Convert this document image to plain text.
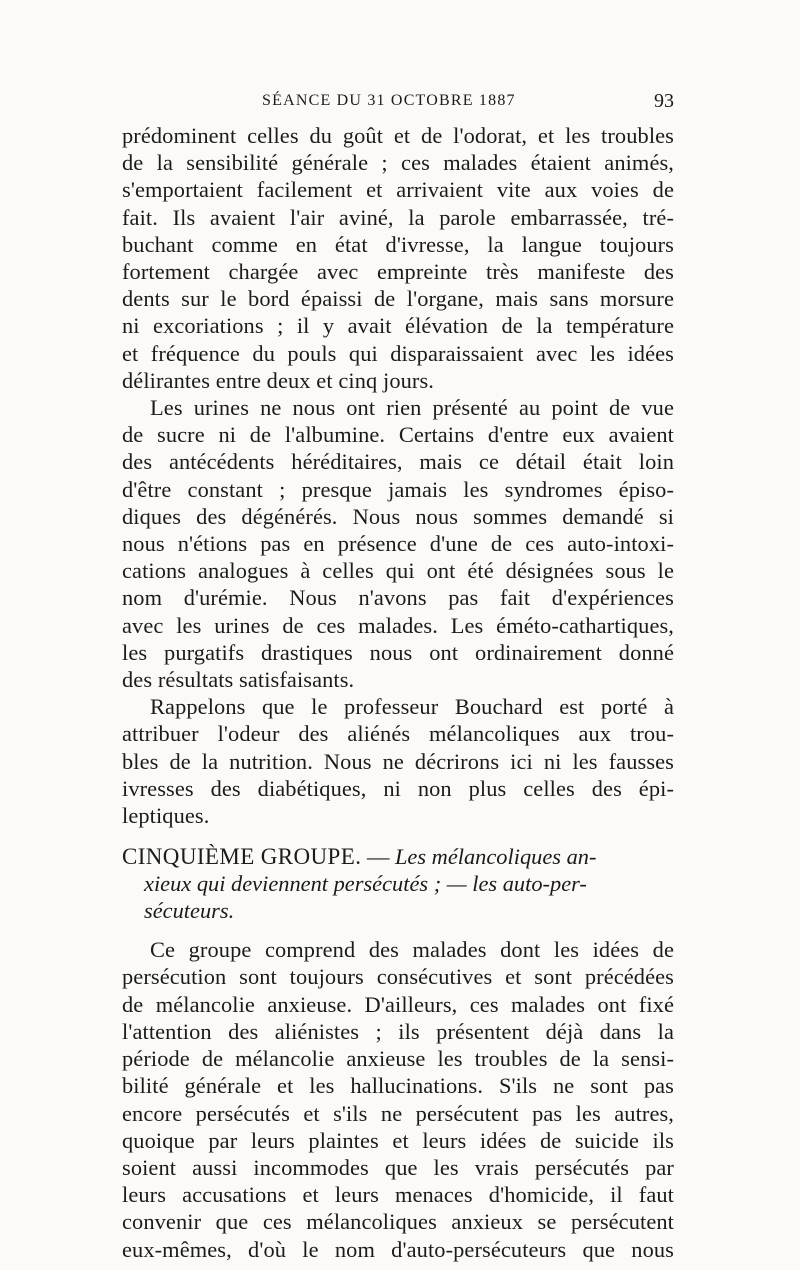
SÉANCE DU 31 OCTOBRE 1887	93

prédominent celles du goût et de l'odorat, et les troubles
de la sensibilité générale ; ces malades étaient animés,
s'emportaient facilement et arrivaient vite aux voies de
fait. Ils avaient l'air aviné, la parole embarrassée, tré-
buchant comme en état d'ivresse, la langue toujours
fortement chargée avec empreinte très manifeste des
dents sur le bord épaissi de l'organe, mais sans morsure
ni excoriations ; il y avait élévation de la température
et fréquence du pouls qui disparaissaient avec les idées
délirantes entre deux et cinq jours.

Les urines ne nous ont rien présenté au point de vue
de sucre ni de l'albumine. Certains d'entre eux avaient
des antécédents héréditaires, mais ce détail était loin
d'être constant ; presque jamais les syndromes épiso-
diques des dégénérés. Nous nous sommes demandé si
nous n'étions pas en présence d'une de ces auto-intoxi-
cations analogues à celles qui ont été désignées sous le
nom d'urémie. Nous n'avons pas fait d'expériences
avec les urines de ces malades. Les éméto-cathartiques,
les purgatifs drastiques nous ont ordinairement donné
des résultats satisfaisants.

Rappelons que le professeur Bouchard est porté à
attribuer l'odeur des aliénés mélancoliques aux trou-
bles de la nutrition. Nous ne décrirons ici ni les fausses
ivresses des diabétiques, ni non plus celles des épi-
leptiques.

CINQUIÈME GROUPE. — Les mélancoliques an-
xieux qui deviennent persécutés ; — les auto-per-
sécuteurs.

Ce groupe comprend des malades dont les idées de
persécution sont toujours consécutives et sont précédées
de mélancolie anxieuse. D'ailleurs, ces malades ont fixé
l'attention des aliénistes ; ils présentent déjà dans la
période de mélancolie anxieuse les troubles de la sensi-
bilité générale et les hallucinations. S'ils ne sont pas
encore persécutés et s'ils ne persécutent pas les autres,
quoique par leurs plaintes et leurs idées de suicide ils
soient aussi incommodes que les vrais persécutés par
leurs accusations et leurs menaces d'homicide, il faut
convenir que ces mélancoliques anxieux se persécutent
eux-mêmes, d'où le nom d'auto-persécuteurs que nous
